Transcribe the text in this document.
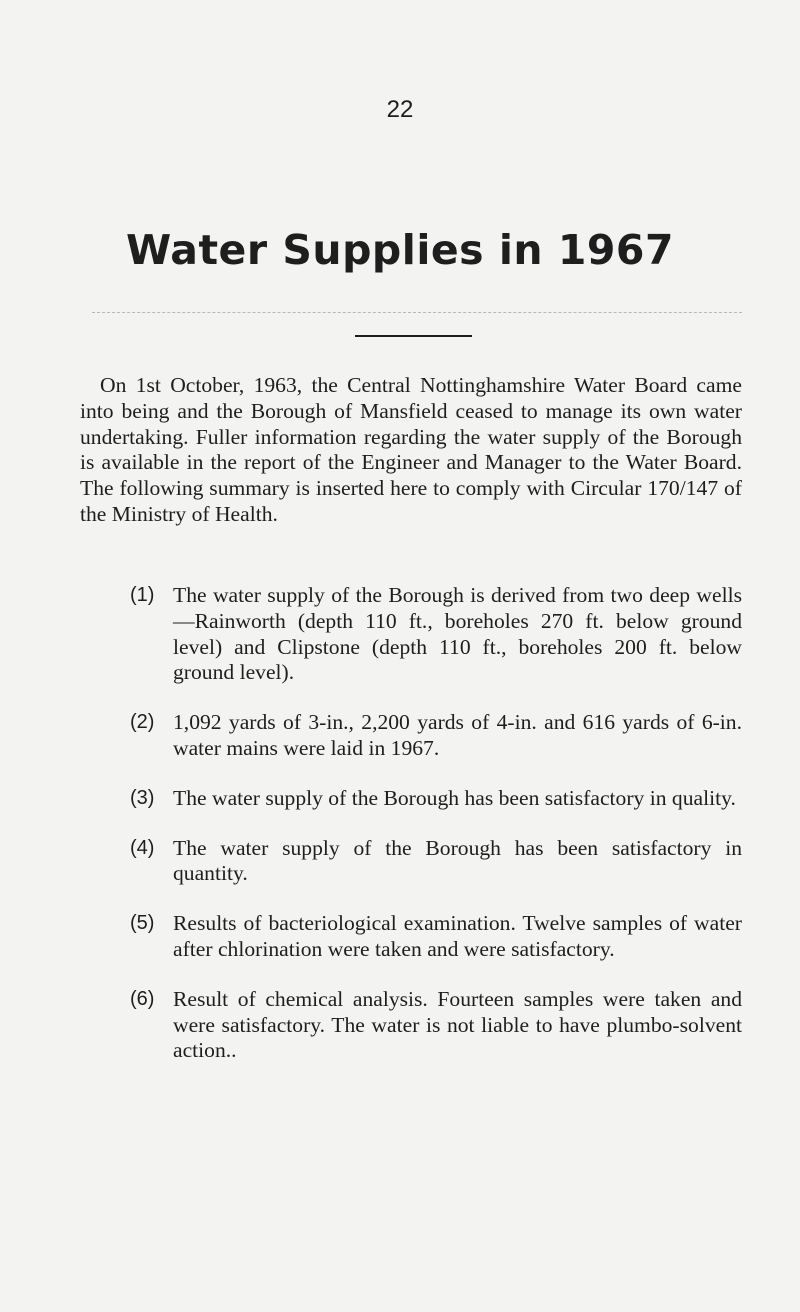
22
Water Supplies in 1967

On 1st October, 1963, the Central Nottinghamshire Water Board came into being and the Borough of Mansfield ceased to manage its own water undertaking. Fuller information regarding the water supply of the Borough is available in the report of the Engineer and Manager to the Water Board. The following summary is inserted here to comply with Circular 170/147 of the Ministry of Health.

(1) The water supply of the Borough is derived from two deep wells—Rainworth (depth 110 ft., boreholes 270 ft. below ground level) and Clipstone (depth 110 ft., boreholes 200 ft. below ground level).
(2) 1,092 yards of 3-in., 2,200 yards of 4-in. and 616 yards of 6-in. water mains were laid in 1967.
(3) The water supply of the Borough has been satisfactory in quality.
(4) The water supply of the Borough has been satisfactory in quantity.
(5) Results of bacteriological examination. Twelve samples of water after chlorination were taken and were satisfactory.
(6) Result of chemical analysis. Fourteen samples were taken and were satisfactory. The water is not liable to have plumbo-solvent action..
